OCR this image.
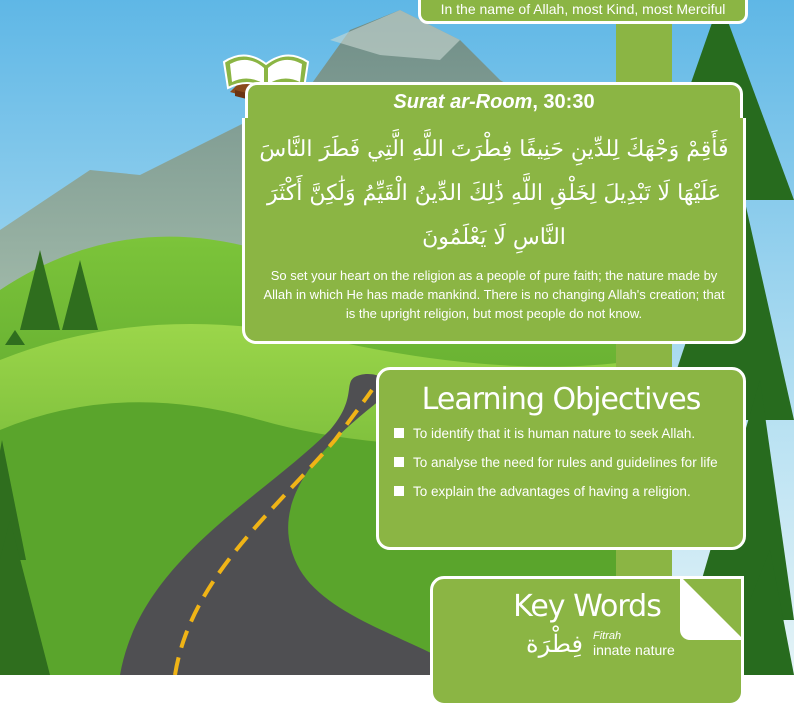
In the name of Allah, most Kind, most Merciful
Surat ar-Room, 30:30
فَأَقِمْ وَجْهَكَ لِلدِّينِ حَنِيفًا فِطْرَتَ اللَّهِ الَّتِي فَطَرَ النَّاسَ عَلَيْهَا لَا تَبْدِيلَ لِخَلْقِ اللَّهِ ذَٰلِكَ الدِّينُ الْقَيِّمُ وَلَٰكِنَّ أَكْثَرَ النَّاسِ لَا يَعْلَمُونَ
So set your heart on the religion as a people of pure faith; the nature made by Allah in which He has made mankind. There is no changing Allah's creation; that is the upright religion, but most people do not know.
Learning Objectives
To identify that it is human nature to seek Allah.
To analyse the need for rules and guidelines for life
To explain the advantages of having a religion.
Key Words
فِطْرَة Fitrah
innate nature
